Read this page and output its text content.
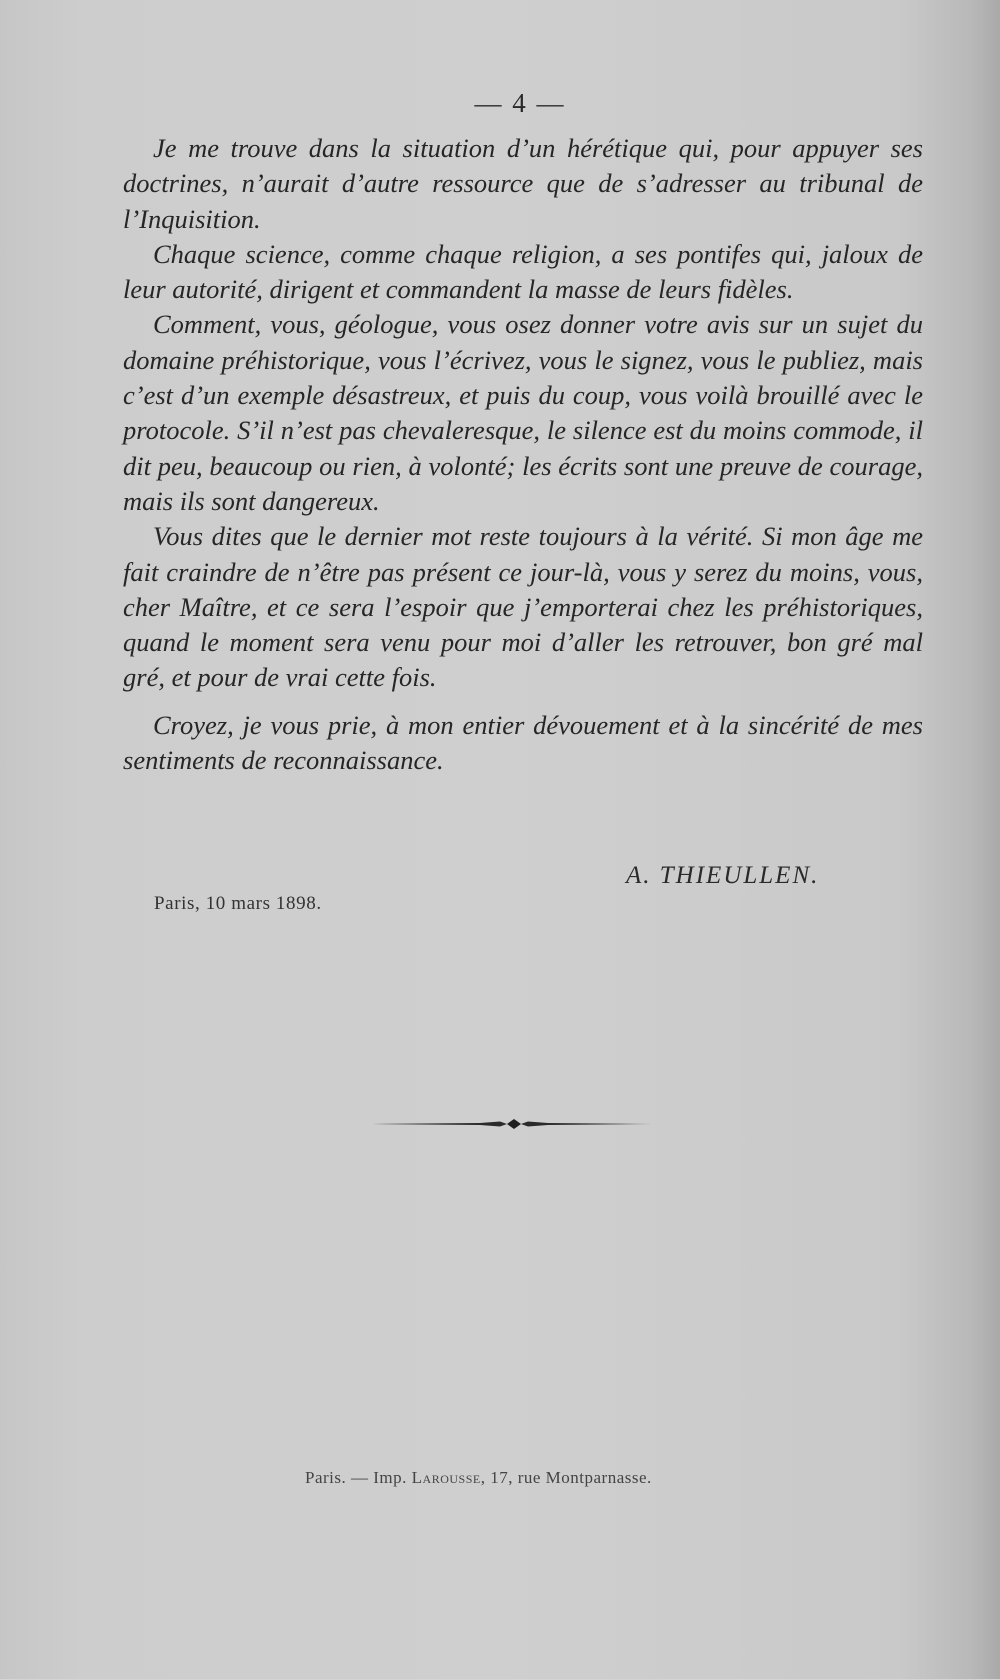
— 4 —

Je me trouve dans la situation d’un hérétique qui, pour appuyer ses doctrines, n’aurait d’autre ressource que de s’adresser au tribunal de l’Inquisition.

Chaque science, comme chaque religion, a ses pontifes qui, jaloux de leur autorité, dirigent et commandent la masse de leurs fidèles.

Comment, vous, géologue, vous osez donner votre avis sur un sujet du domaine préhistorique, vous l’écrivez, vous le signez, vous le publiez, mais c’est d’un exemple désastreux, et puis du coup, vous voilà brouillé avec le protocole. S’il n’est pas chevaleresque, le silence est du moins commode, il dit peu, beaucoup ou rien, à volonté; les écrits sont une preuve de courage, mais ils sont dangereux.

Vous dites que le dernier mot reste toujours à la vérité. Si mon âge me fait craindre de n’être pas présent ce jour-là, vous y serez du moins, vous, cher Maître, et ce sera l’espoir que j’emporterai chez les préhistoriques, quand le moment sera venu pour moi d’aller les retrouver, bon gré mal gré, et pour de vrai cette fois.

Croyez, je vous prie, à mon entier dévouement et à la sincérité de mes sentiments de reconnaissance.

A. THIEULLEN.
Paris, 10 mars 1898.
Paris. — Imp. Larousse, 17, rue Montparnasse.
